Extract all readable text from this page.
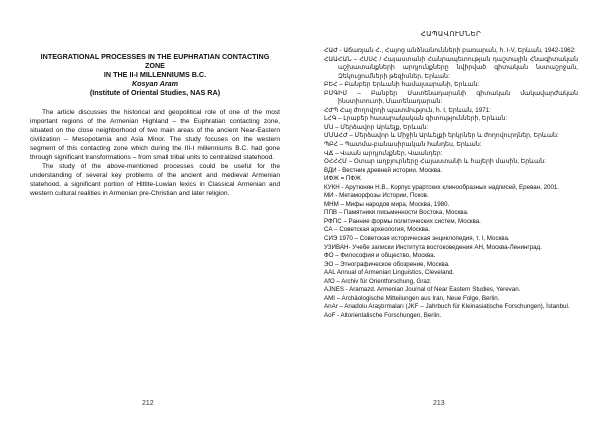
INTEGRATIONAL PROCESSES IN THE EUPHRATIAN CONTACTING ZONE

IN THE II-I MILLENNIUMS B.C.

Kosyan Aram

(Institute of Oriental Studies, NAS RA)

The article discusses the historical and geopolitical role of one of the most important regions of the Armenian Highland – the Euphratian contacting zone, situated on the close neighborhood of two main areas of the ancient Near-Eastern civilization – Mesopotamia and Asia Minor. The study focuses on the western segment of this contacting zone which during the III-I millenniums B.C. had gone through significant transformations – from small tribal units to centralized statehood.

The study of the above-mentioned processes could be useful for the understanding of several key problems of the ancient and medieval Armenian statehood, a significant portion of Hittite-Luwian lexics in Classical Armenian and western cultural realities in Armenian pre-Christian and later religion.

212

ՀԱՊԱՎՈՒՄՆԵՐ

ՀԱԺ - Աճառյան Հ., Հայոց անձնանունների բառարան, հ. I-V, Երևան, 1942-1962:
ՀԱԱՀԱՆ – ՀՍՍՀ / Հայաստանի Հանրապետության դաշտային Հնագիտական աշխատանքների արդյունքները նվիրված գիտական նստաշրջան, Զեկուցումների թեզիսներ, Երևան:
ԲԵՀ – Բանբեր Երևանի համալսարանի, Երևան:
ԲՄԳԻՄ – Բանբեր Մատենադարանի գիտական մակավարժական ինստիտուտի, Մատենադարան:
ՀԺՊ Հայ ժողովրդի պատմություն, հ. I, Երևան, 1971:
ԼՀԳ – Լրաբեր հասարակական գիտությունների, Երևան:
ՄՍ – Մերձավոր Արևելք, Երևան:
ՄՄԱՀԺ – Մերձավոր և Միջին Արևելքի երկրներ և ժողովուրդներ, Երևան:
ՊԲՀ – Պատմա-բանասիրական հանդես, Երևան:
ՎՃ – Վաան արդյունքներ, Վաանդեր:
ՕՀՀՀՄ – Օտար աղբյուրները Հայաստանի և հայերի մասին, Երևան:
ВДИ - Вестник древней истории. Москва.
ИФЖ = ПФЖ
КУКН - Арутюнян Н.В., Корпус урартских клинообразных надписей, Ереван, 2001.
МИ - Метаморфозы Истории, Псков.
МНМ – Мифы народов мира, Москва, 1980.
ППВ – Памятники письменности Востока, Москва.
РФПС – Ранние формы политических систем, Москва.
СА – Советская археология, Москва.
СИЭ 1970 – Советская историческая энциклопедия, т. I, Москва.
УЗИВАН- Учебе записки Института востоковедения АН, Москва-Ленинград.
ФО – Философия и общество, Москва.
ЭО – Этнографическое обозрение, Москва.
AAL Annual of Armenian Linguistics, Cleveland.
AfO – Archiv für Orientforschung, Graz.
AJNES - Aramazd. Armenian Journal of Near Eastern Studies, Yerevan.
AMI – Archäologische Mitteilungen aus Iran, Neue Folge, Berlin.
AnAr – Anadolu Araştırmaları (JKF – Jahrbuch für Kleinasiatische Forschungen), İstanbul.
AoF - Altorientalische Forschungen, Berlin.
213
